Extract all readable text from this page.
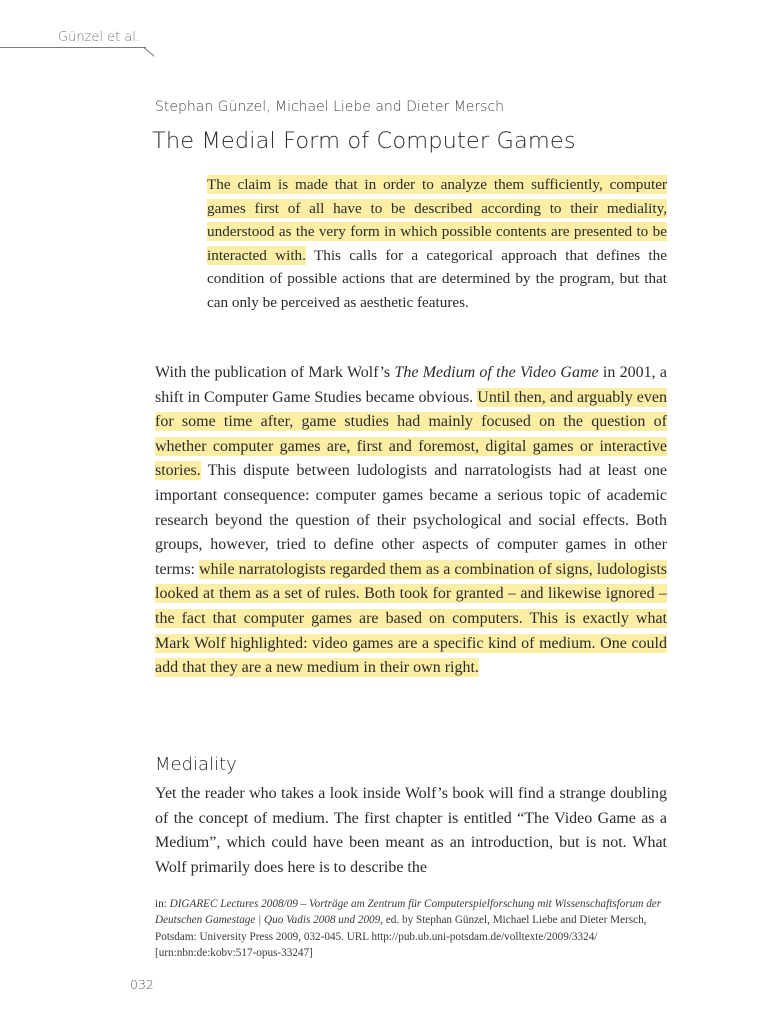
Günzel et al.
Stephan Günzel, Michael Liebe and Dieter Mersch
The Medial Form of Computer Games
The claim is made that in order to analyze them sufficiently, computer games first of all have to be described according to their mediality, understood as the very form in which possible contents are presented to be interacted with. This calls for a categorical approach that defines the condition of possible actions that are determined by the program, but that can only be perceived as aesthetic features.
With the publication of Mark Wolf’s The Medium of the Video Game in 2001, a shift in Computer Game Studies became obvious. Until then, and arguably even for some time after, game studies had mainly focused on the question of whether computer games are, first and foremost, digital games or interactive stories. This dispute between ludologists and narratologists had at least one important consequence: computer games became a serious topic of academic research beyond the question of their psychological and social effects. Both groups, however, tried to define other aspects of computer games in other terms: while narratologists regarded them as a combination of signs, ludologists looked at them as a set of rules. Both took for granted – and likewise ignored – the fact that computer games are based on computers. This is exactly what Mark Wolf highlighted: video games are a specific kind of medium. One could add that they are a new medium in their own right.
Mediality
Yet the reader who takes a look inside Wolf’s book will find a strange doubling of the concept of medium. The first chapter is entitled “The Video Game as a Medium”, which could have been meant as an introduction, but is not. What Wolf primarily does here is to describe the
in: DIGAREC Lectures 2008/09 – Vorträge am Zentrum für Computerspielforschung mit Wissenschaftsforum der Deutschen Gamestage | Quo Vadis 2008 und 2009, ed. by Stephan Günzel, Michael Liebe and Dieter Mersch, Potsdam: University Press 2009, 032-045. URL http://pub.ub.uni-potsdam.de/volltexte/2009/3324/ [urn:nbn:de:kobv:517-opus-33247]
032
